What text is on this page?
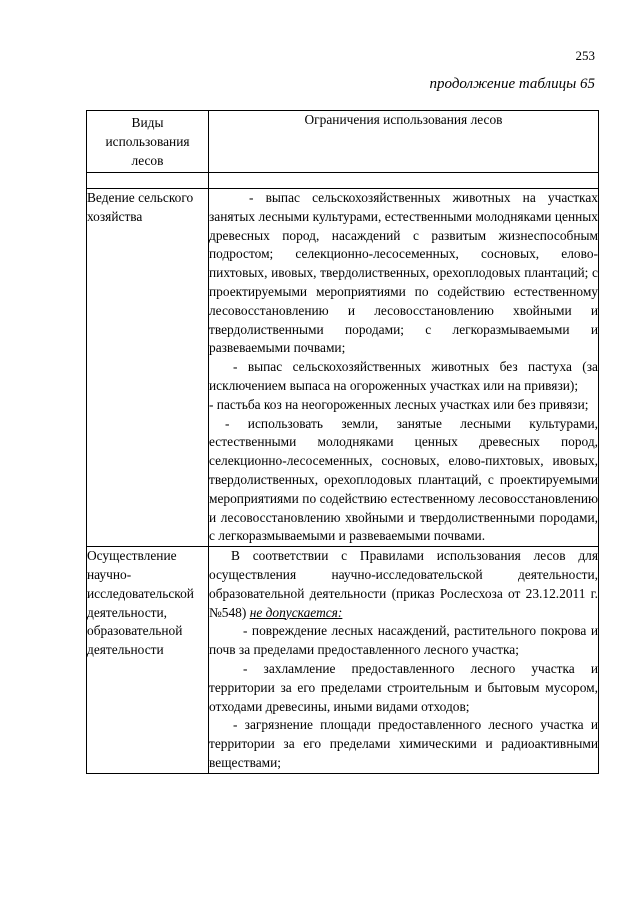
253
продолжение таблицы 65
Виды использования лесов	Ограничения использования лесов

Ведение сельского хозяйства	- выпас сельскохозяйственных животных на участках занятых лесными культурами, естественными молодняками ценных древесных пород, насаждений с развитым жизнеспособным подростом; селекционно-лесосеменных, сосновых, елово-пихтовых, ивовых, твердолиственных, орехоплодовых плантаций; с проектируемыми мероприятиями по содействию естественному лесовосстановлению и лесовосстановлению хвойными и твердолиственными породами; с легкоразмываемыми и развеваемыми почвами;

- выпас сельскохозяйственных животных без пастуха (за исключением выпаса на огороженных участках или на привязи);

- пастьба коз на неогороженных лесных участках или без привязи;

- использовать земли, занятые лесными культурами, естественными молодняками ценных древесных пород, селекционно-лесосеменных, сосновых, елово-пихтовых, ивовых, твердолиственных, орехоплодовых плантаций, с проектируемыми мероприятиями по содействию естественному лесовосстановлению и лесовосстановлению хвойными и твердолиственными породами, с легкоразмываемыми и развеваемыми почвами.

Осуществление научно-исследовательской деятельности, образовательной деятельности	В соответствии с Правилами использования лесов для осуществления научно-исследовательской деятельности, образовательной деятельности (приказ Рослесхоза от 23.12.2011 г. №548) не допускается:

- повреждение лесных насаждений, растительного покрова и почв за пределами предоставленного лесного участка;

- захламление предоставленного лесного участка и территории за его пределами строительным и бытовым мусором, отходами древесины, иными видами отходов;

- загрязнение площади предоставленного лесного участка и территории за его пределами химическими и радиоактивными веществами;
